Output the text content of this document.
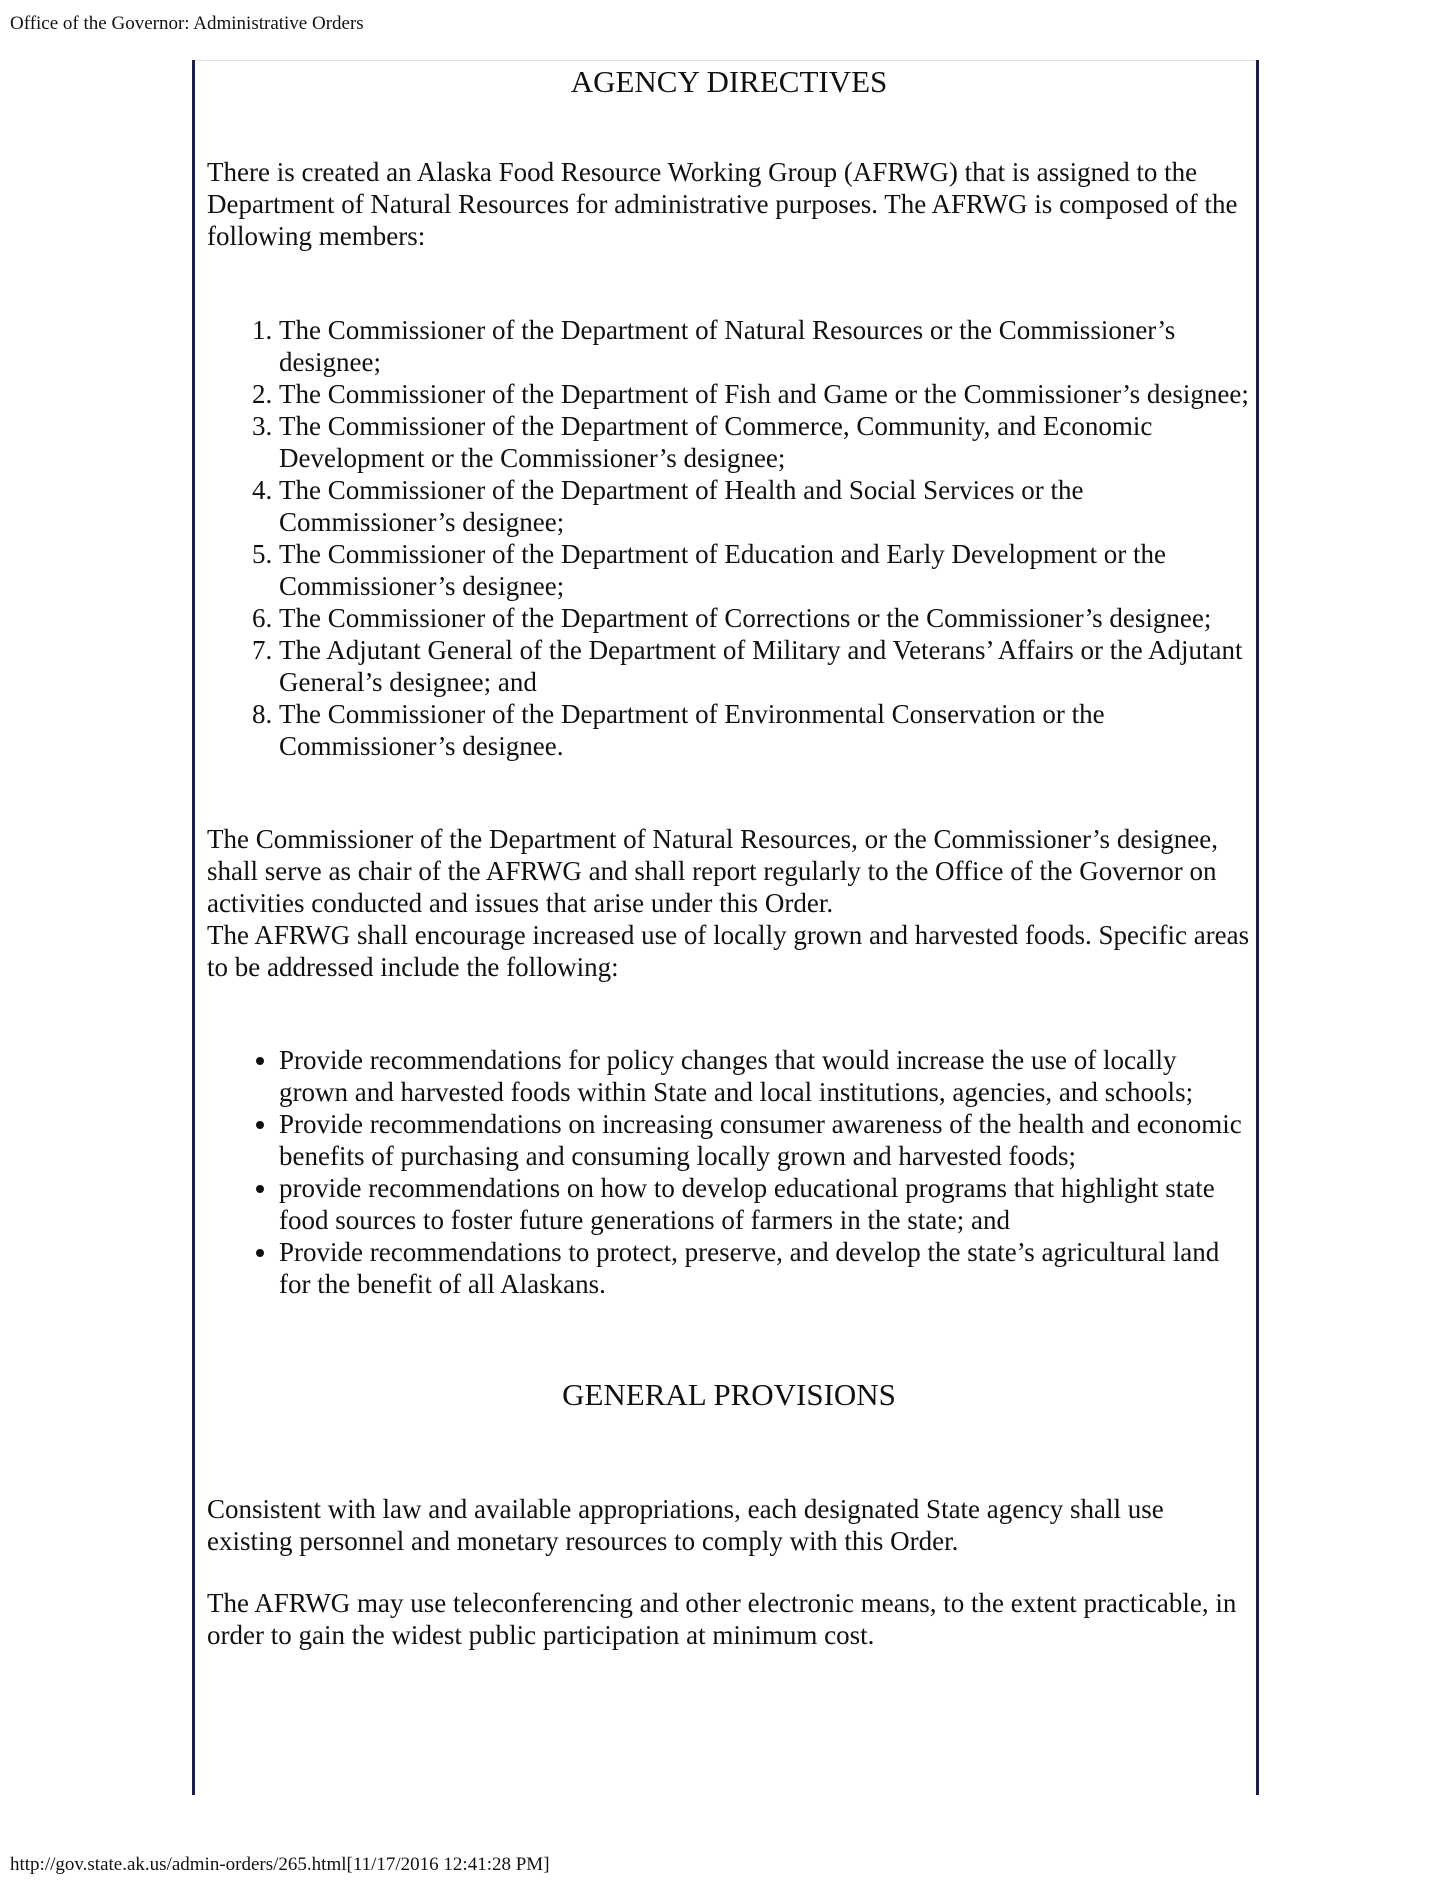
Office of the Governor: Administrative Orders
AGENCY DIRECTIVES

There is created an Alaska Food Resource Working Group (AFRWG) that is assigned to the Department of Natural Resources for administrative purposes. The AFRWG is composed of the following members:

1. The Commissioner of the Department of Natural Resources or the Commissioner’s designee;
2. The Commissioner of the Department of Fish and Game or the Commissioner’s designee;
3. The Commissioner of the Department of Commerce, Community, and Economic Development or the Commissioner’s designee;
4. The Commissioner of the Department of Health and Social Services or the Commissioner’s designee;
5. The Commissioner of the Department of Education and Early Development or the Commissioner’s designee;
6. The Commissioner of the Department of Corrections or the Commissioner’s designee;
7. The Adjutant General of the Department of Military and Veterans’ Affairs or the Adjutant General’s designee; and
8. The Commissioner of the Department of Environmental Conservation or the Commissioner’s designee.

The Commissioner of the Department of Natural Resources, or the Commissioner’s designee, shall serve as chair of the AFRWG and shall report regularly to the Office of the Governor on activities conducted and issues that arise under this Order.

The AFRWG shall encourage increased use of locally grown and harvested foods. Specific areas to be addressed include the following:

• Provide recommendations for policy changes that would increase the use of locally grown and harvested foods within State and local institutions, agencies, and schools;
• Provide recommendations on increasing consumer awareness of the health and economic benefits of purchasing and consuming locally grown and harvested foods;
• provide recommendations on how to develop educational programs that highlight state food sources to foster future generations of farmers in the state; and
• Provide recommendations to protect, preserve, and develop the state’s agricultural land for the benefit of all Alaskans.
GENERAL PROVISIONS

Consistent with law and available appropriations, each designated State agency shall use existing personnel and monetary resources to comply with this Order.

The AFRWG may use teleconferencing and other electronic means, to the extent practicable, in order to gain the widest public participation at minimum cost.

http://gov.state.ak.us/admin-orders/265.html[11/17/2016 12:41:28 PM]
